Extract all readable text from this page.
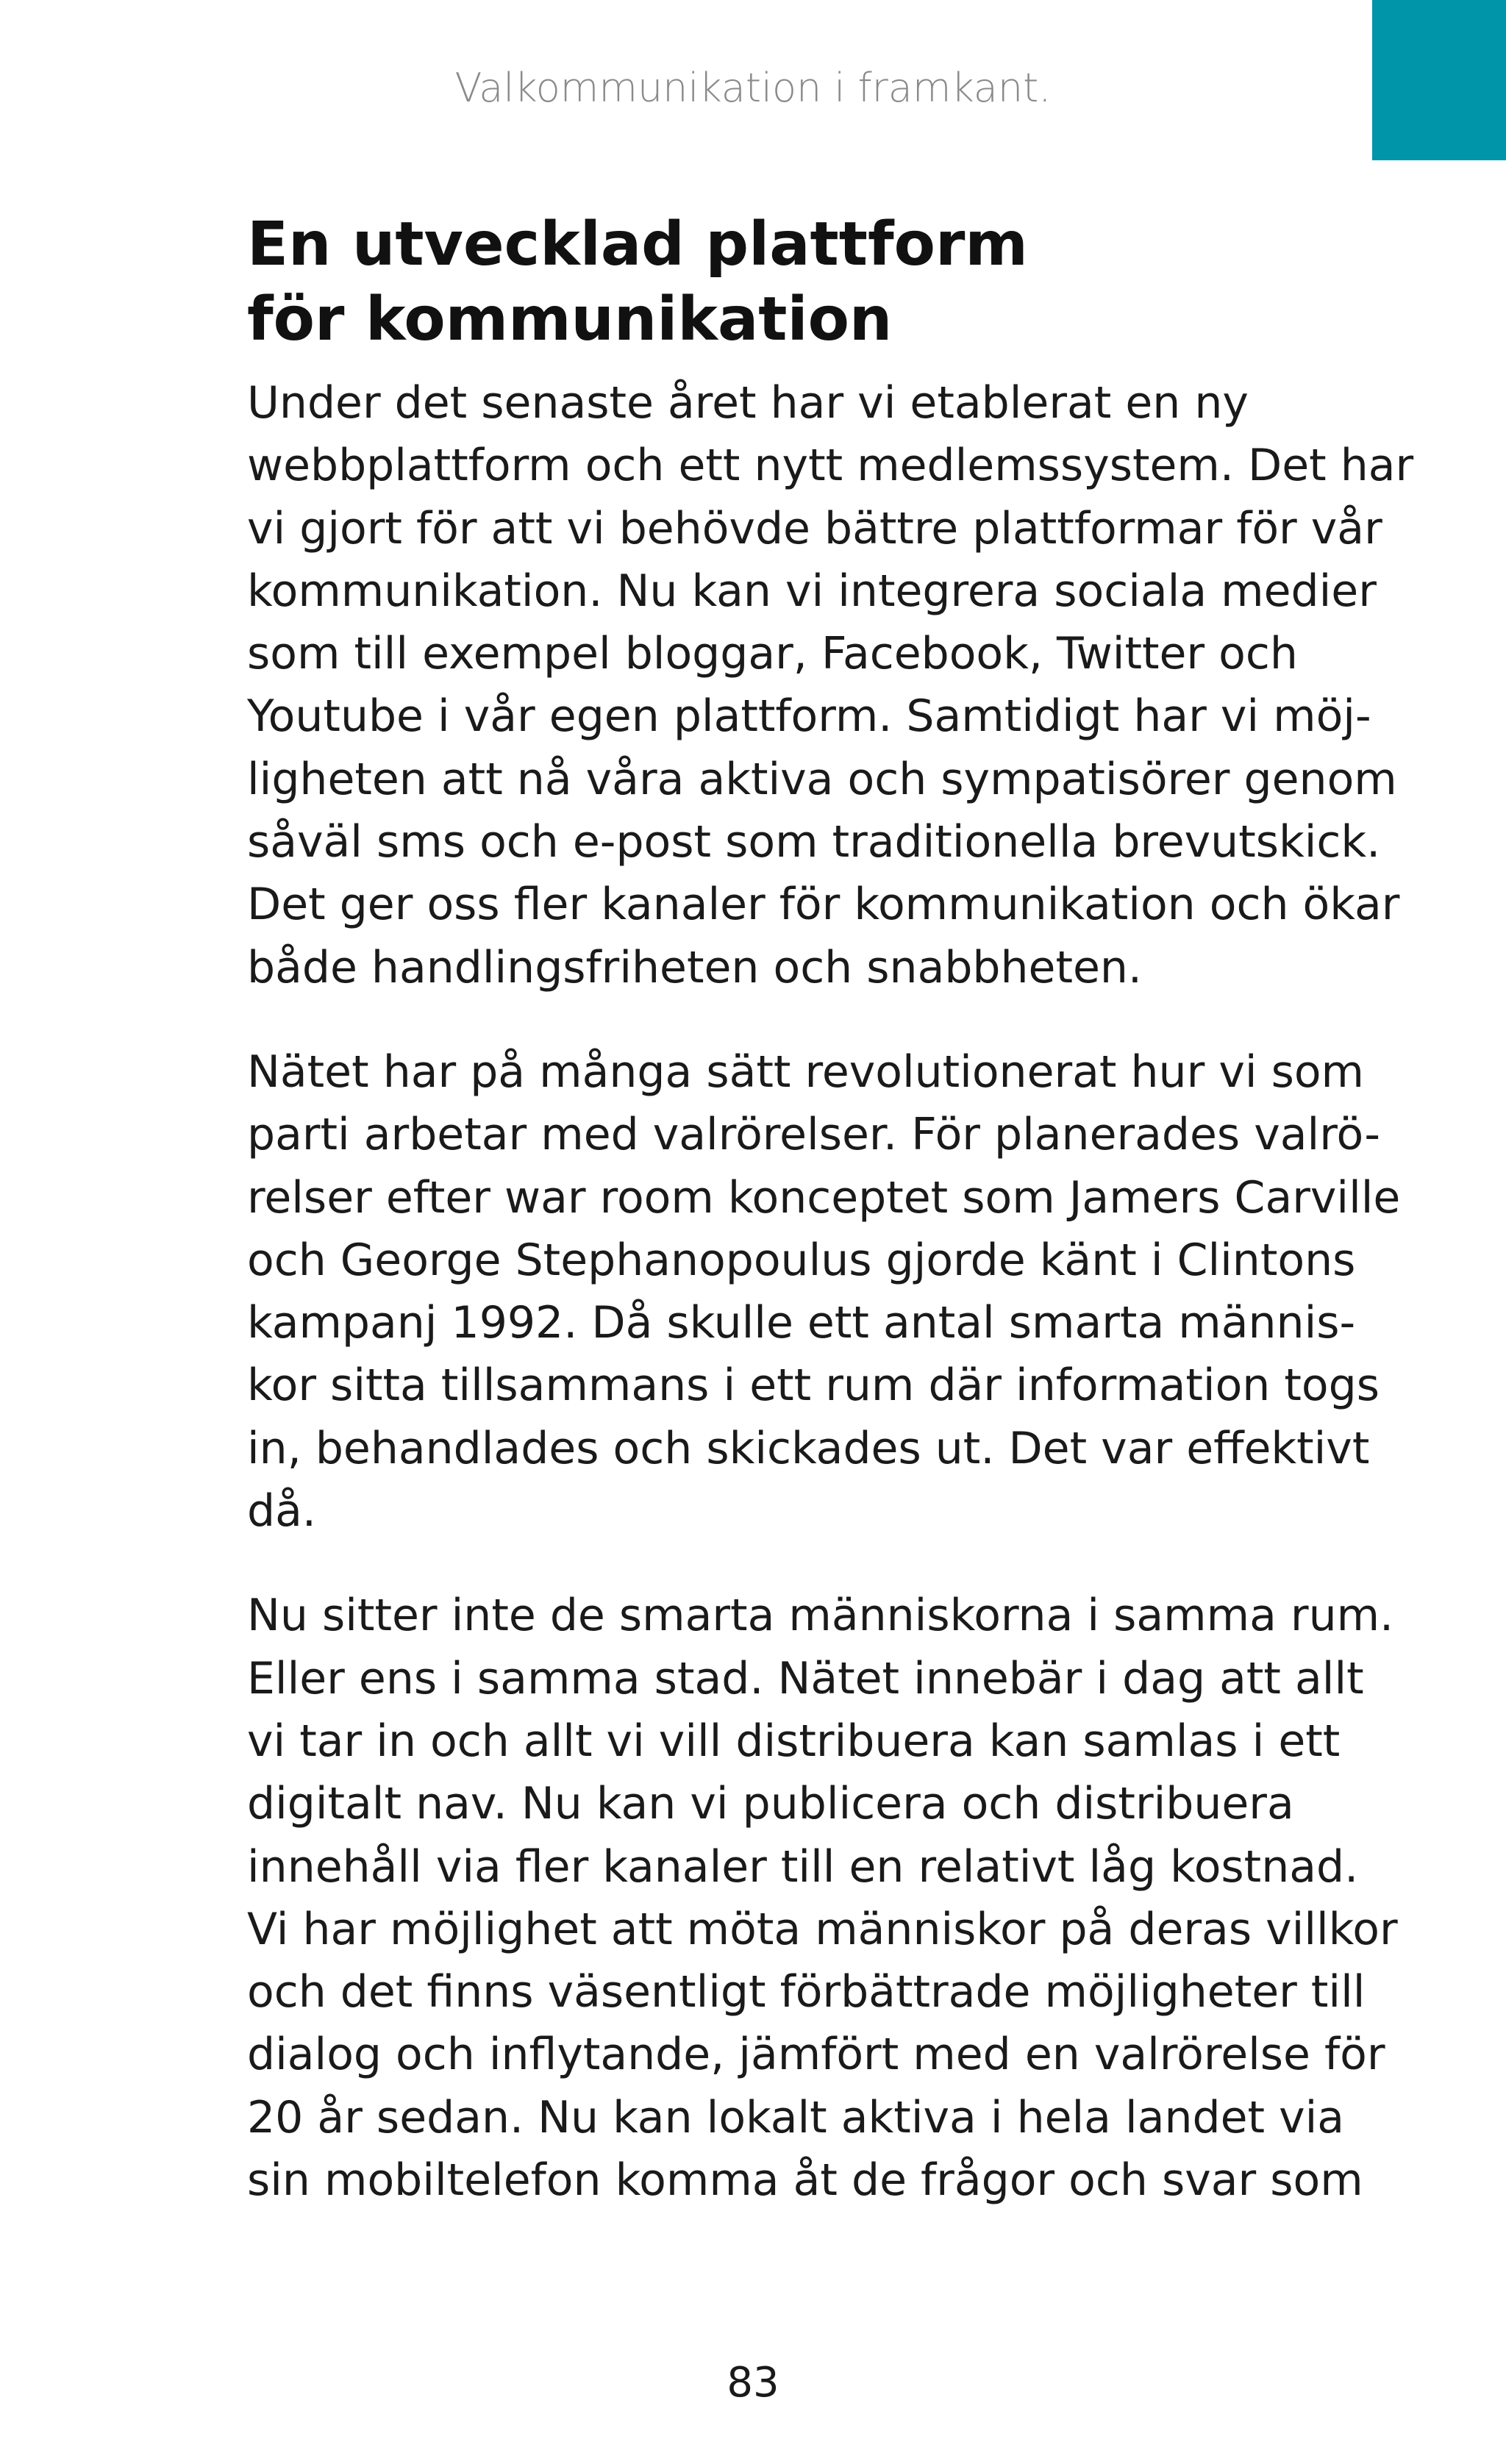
Valkommunikation i framkant.
En utvecklad plattform
för kommunikation

Under det senaste året har vi etablerat en ny
webbplattform och ett nytt medlemssystem. Det har
vi gjort för att vi behövde bättre plattformar för vår
kommunikation. Nu kan vi integrera sociala medier
som till exempel bloggar, Facebook, Twitter och
Youtube i vår egen plattform. Samtidigt har vi möj-
ligheten att nå våra aktiva och sympatisörer genom
såväl sms och e-post som traditionella brevutskick.
Det ger oss fler kanaler för kommunikation och ökar
både handlingsfriheten och snabbheten.

Nätet har på många sätt revolutionerat hur vi som
parti arbetar med valrörelser. För planerades valrö-
relser efter war room konceptet som Jamers Carville
och George Stephanopoulus gjorde känt i Clintons
kampanj 1992. Då skulle ett antal smarta männis-
kor sitta tillsammans i ett rum där information togs
in, behandlades och skickades ut. Det var effektivt
då.

Nu sitter inte de smarta människorna i samma rum.
Eller ens i samma stad. Nätet innebär i dag att allt
vi tar in och allt vi vill distribuera kan samlas i ett
digitalt nav. Nu kan vi publicera och distribuera
innehåll via fler kanaler till en relativt låg kostnad.
Vi har möjlighet att möta människor på deras villkor
och det finns väsentligt förbättrade möjligheter till
dialog och inflytande, jämfört med en valrörelse för
20 år sedan. Nu kan lokalt aktiva i hela landet via
sin mobiltelefon komma åt de frågor och svar som

83
